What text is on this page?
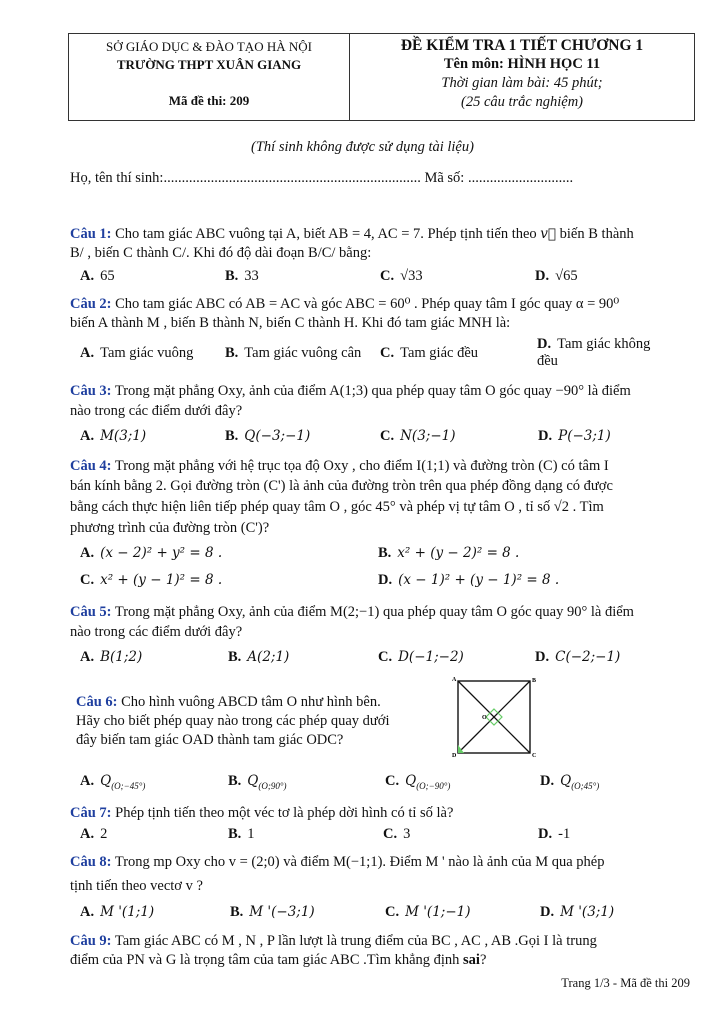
SỞ GIÁO DỤC & ĐÀO TẠO HÀ NỘI
TRƯỜNG THPT XUÂN GIANG
Mã đề thi: 209
ĐỀ KIỂM TRA 1 TIẾT CHƯƠNG 1
Tên môn: HÌNH HỌC 11
Thời gian làm bài: 45 phút;
(25 câu trắc nghiệm)
(Thí sinh không được sử dụng tài liệu)
Họ, tên thí sinh:....................................................................... Mã số: .............................
Câu 1: Cho tam giác ABC vuông tại A, biết AB = 4, AC = 7. Phép tịnh tiến theo v⃗ biến B thành
B/ , biến C thành C/. Khi đó độ dài đoạn B/C/ bằng:
A. 65	B. 33	C. √33	D. √65
Câu 2: Cho tam giác ABC có AB = AC và góc ABC = 60⁰ . Phép quay tâm I góc quay α = 90⁰
biến A thành M , biến B thành N, biến C thành H. Khi đó tam giác MNH là:
A. Tam giác vuông B. Tam giác vuông cân C. Tam giác đều
D. Tam giác không
đều
Câu 3: Trong mặt phẳng Oxy, ảnh của điểm A(1;3) qua phép quay tâm O góc quay −90° là điểm
nào trong các điểm dưới đây?
A. M(3;1)	B. Q(−3;−1)	C. N(3;−1)	D. P(−3;1)
Câu 4: Trong mặt phẳng với hệ trục tọa độ Oxy , cho điểm I(1;1) và đường tròn (C) có tâm I
bán kính bằng 2. Gọi đường tròn (C') là ảnh của đường tròn trên qua phép đồng dạng có được
bằng cách thực hiện liên tiếp phép quay tâm O , góc 45° và phép vị tự tâm O , tỉ số √2 . Tìm
phương trình của đường tròn (C')?
A. (x − 2)² + y² = 8 .	B. x² + (y − 2)² = 8 .
C. x² + (y − 1)² = 8 .	D. (x − 1)² + (y − 1)² = 8 .
Câu 5: Trong mặt phẳng Oxy, ảnh của điểm M(2;−1) qua phép quay tâm O góc quay 90° là điểm
nào trong các điểm dưới đây?
A. B(1;2)	B. A(2;1)	C. D(−1;−2)	D. C(−2;−1)
Câu 6: Cho hình vuông ABCD tâm O như hình bên.
Hãy cho biết phép quay nào trong các phép quay dưới
đây biến tam giác OAD thành tam giác ODC?
A	B
C
D
O
A. $Q_{(O;-45^\circ)}$	B. $Q_{(O;90^\circ)}$	C. $Q_{(O;-90^\circ)}$	D. $Q_{(O;45^\circ)}$
Câu 7: Phép tịnh tiến theo một véc tơ là phép dời hình có tỉ số là?
A. 2	B. 1	C. 3	D. -1
Câu 8: Trong mp Oxy cho v = (2;0) và điểm M(−1;1). Điểm M ' nào là ảnh của M qua phép
tịnh tiến theo vectơ v ?
A. M '(1;1)	B. M '(−3;1)	C. M '(1;−1)	D. M '(3;1)
Câu 9: Tam giác ABC có M , N , P lần lượt là trung điểm của BC , AC , AB .Gọi I là trung
điểm của PN và G là trọng tâm của tam giác ABC .Tìm khẳng định sai?
Trang 1/3 - Mã đề thi 209
